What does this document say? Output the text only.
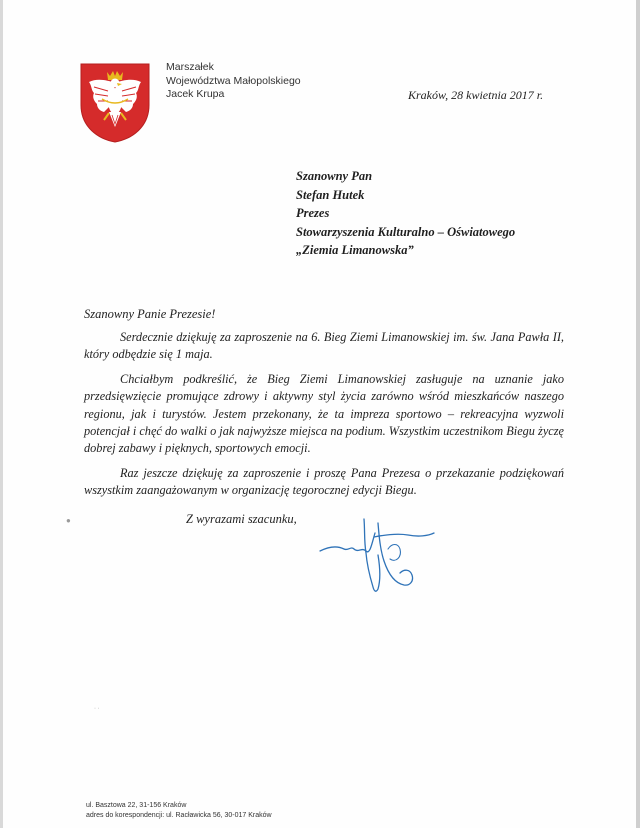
Marszałek
Województwa Małopolskiego
Jacek Krupa	Kraków, 28 kwietnia 2017 r.
Szanowny Pan
Stefan Hutek
Prezes
Stowarzyszenia Kulturalno – Oświatowego
„Ziemia Limanowska”
Szanowny Panie Prezesie!

Serdecznie dziękuję za zaproszenie na 6. Bieg Ziemi Limanowskiej im. św. Jana Pawła II, który odbędzie się 1 maja.

Chciałbym podkreślić, że Bieg Ziemi Limanowskiej zasługuje na uznanie jako przedsięwzięcie promujące zdrowy i aktywny styl życia zarówno wśród mieszkańców naszego regionu, jak i turystów. Jestem przekonany, że ta impreza sportowo – rekreacyjna wyzwoli potencjał i chęć do walki o jak najwyższe miejsca na podium. Wszystkim uczestnikom Biegu życzę dobrej zabawy i pięknych, sportowych emocji.

Raz jeszcze dziękuję za zaproszenie i proszę Pana Prezesa o przekazanie podziękowań wszystkim zaangażowanym w organizację tegorocznej edycji Biegu.

Z wyrazami szacunku,
●
· ·
ul. Basztowa 22, 31-156 Kraków
adres do korespondencji: ul. Racławicka 56, 30-017 Kraków
